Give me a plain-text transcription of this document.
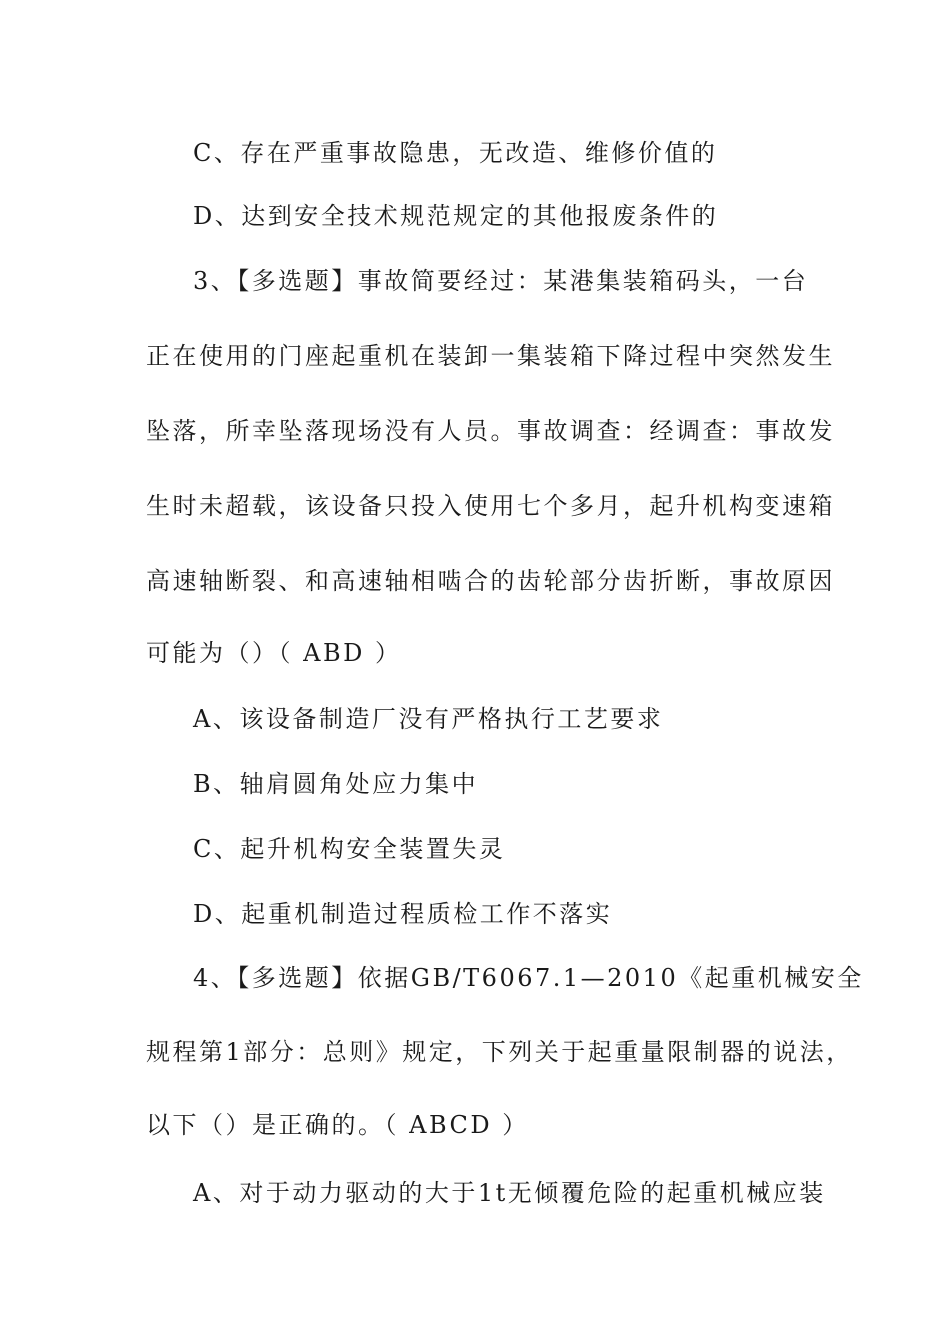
C、存在严重事故隐患，无改造、维修价值的
D、达到安全技术规范规定的其他报废条件的
3、【多选题】事故简要经过：某港集装箱码头，一台
正在使用的门座起重机在装卸一集装箱下降过程中突然发生
坠落，所幸坠落现场没有人员。事故调查：经调查：事故发
生时未超载，该设备只投入使用七个多月，起升机构变速箱
高速轴断裂、和高速轴相啮合的齿轮部分齿折断，事故原因
可能为（）（ ABD ）
A、该设备制造厂没有严格执行工艺要求
B、轴肩圆角处应力集中
C、起升机构安全装置失灵
D、起重机制造过程质检工作不落实
4、【多选题】依据GB/T6067.1—2010《起重机械安全
规程第1部分：总则》规定，下列关于起重量限制器的说法，
以下（）是正确的。（ ABCD ）
A、对于动力驱动的大于1t无倾覆危险的起重机械应装
